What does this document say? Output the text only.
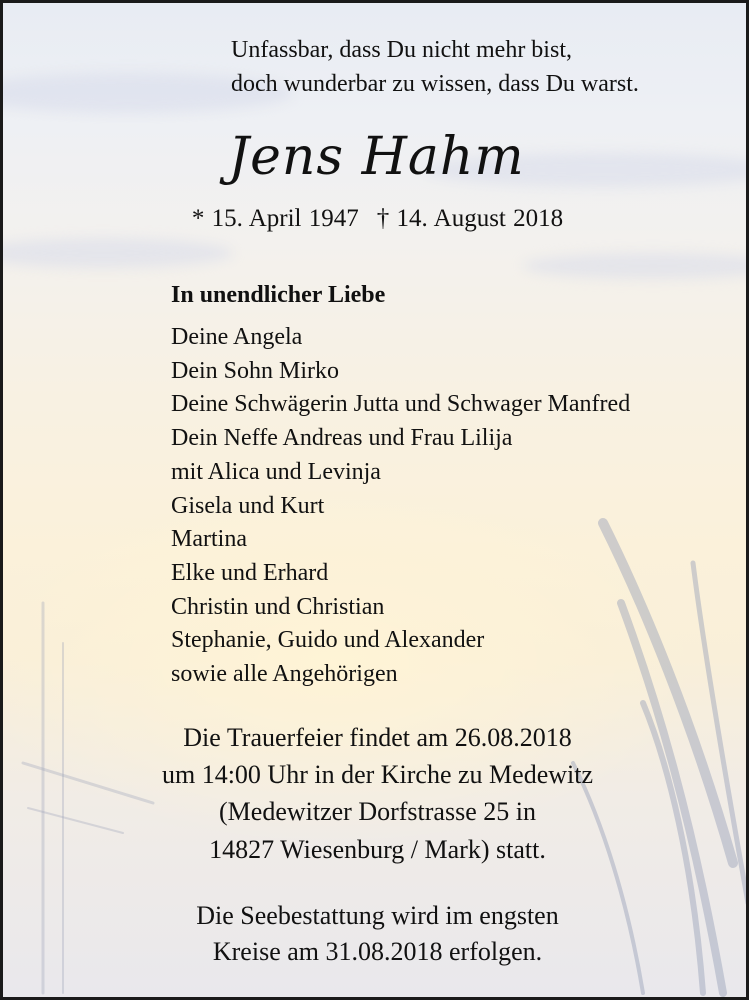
Unfassbar, dass Du nicht mehr bist,
doch wunderbar zu wissen, dass Du warst.
Jens Hahm
* 15. April 1947 † 14. August 2018
In unendlicher Liebe
Deine Angela
Dein Sohn Mirko
Deine Schwägerin Jutta und Schwager Manfred
Dein Neffe Andreas und Frau Lilija
mit Alica und Levinja
Gisela und Kurt
Martina
Elke und Erhard
Christin und Christian
Stephanie, Guido und Alexander
sowie alle Angehörigen
Die Trauerfeier findet am 26.08.2018
um 14:00 Uhr in der Kirche zu Medewitz
(Medewitzer Dorfstrasse 25 in
14827 Wiesenburg / Mark) statt.
Die Seebestattung wird im engsten
Kreise am 31.08.2018 erfolgen.
